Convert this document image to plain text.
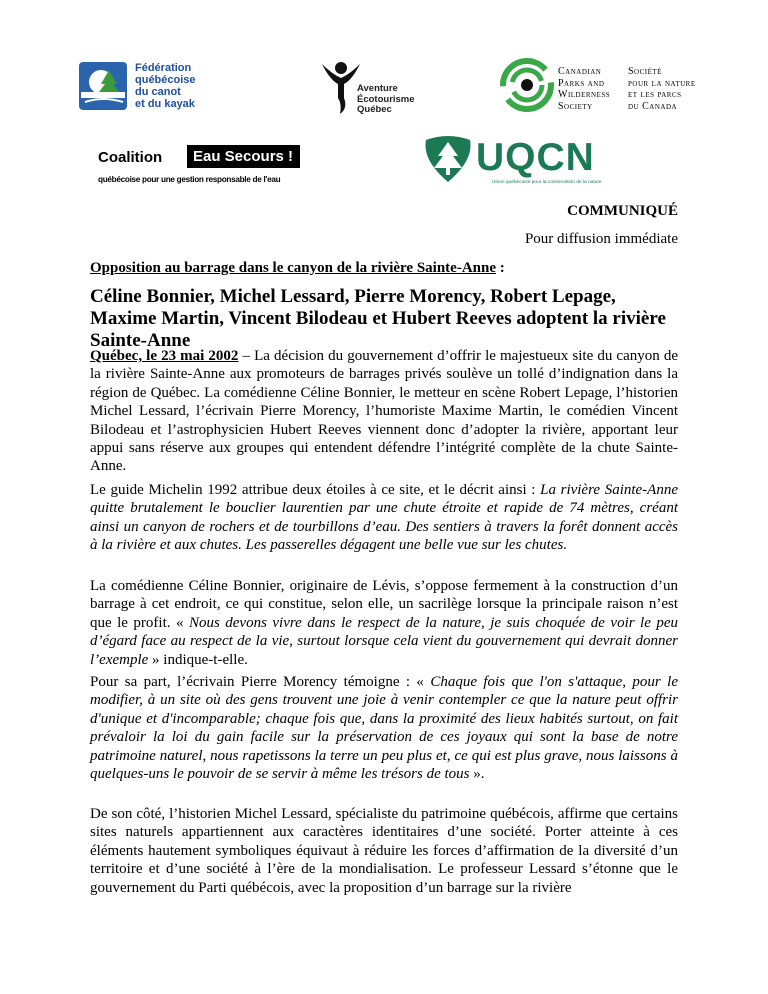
Fédération
québécoise
du canot
et du kayak
Aventure
Écotourisme
Québec
Canadian
Parks and
Wilderness
Society
Société
pour la nature
et les parcs
du Canada
Coalition	Eau Secours !
québécoise pour une gestion responsable de l'eau
UQCN
Union québécoise pour la conservation de la nature
COMMUNIQUÉ
Pour diffusion immédiate
Opposition au barrage dans le canyon de la rivière Sainte-Anne :
Céline Bonnier, Michel Lessard, Pierre Morency, Robert Lepage, Maxime Martin, Vincent Bilodeau et Hubert Reeves adoptent la rivière Sainte-Anne

Québec, le 23 mai 2002 – La décision du gouvernement d’offrir le majestueux site du canyon de la rivière Sainte-Anne aux promoteurs de barrages privés soulève un tollé d’indignation dans la région de Québec. La comédienne Céline Bonnier, le metteur en scène Robert Lepage, l’historien Michel Lessard, l’écrivain Pierre Morency, l’humoriste Maxime Martin, le comédien Vincent Bilodeau et l’astrophysicien Hubert Reeves viennent donc d’adopter la rivière, apportant leur appui sans réserve aux groupes qui entendent défendre l’intégrité complète de la chute Sainte-Anne.

Le guide Michelin 1992 attribue deux étoiles à ce site, et le décrit ainsi : La rivière Sainte-Anne quitte brutalement le bouclier laurentien par une chute étroite et rapide de 74 mètres, créant ainsi un canyon de rochers et de tourbillons d’eau. Des sentiers à travers la forêt donnent accès à la rivière et aux chutes. Les passerelles dégagent une belle vue sur les chutes.

La comédienne Céline Bonnier, originaire de Lévis, s’oppose fermement à la construction d’un barrage à cet endroit, ce qui constitue, selon elle, un sacrilège lorsque la principale raison n’est que le profit. « Nous devons vivre dans le respect de la nature, je suis choquée de voir le peu d’égard face au respect de la vie, surtout lorsque cela vient du gouvernement qui devrait donner l’exemple » indique-t-elle.

Pour sa part, l’écrivain Pierre Morency témoigne : « Chaque fois que l'on s'attaque, pour le modifier, à un site où des gens trouvent une joie à venir contempler ce que la nature peut offrir d'unique et d'incomparable; chaque fois que, dans la proximité des lieux habités surtout, on fait prévaloir la loi du gain facile sur la préservation de ces joyaux qui sont la base de notre patrimoine naturel, nous rapetissons la terre un peu plus et, ce qui est plus grave, nous laissons à quelques-uns le pouvoir de se servir à même les trésors de tous ».

De son côté, l’historien Michel Lessard, spécialiste du patrimoine québécois, affirme que certains sites naturels appartiennent aux caractères identitaires d’une société. Porter atteinte à ces éléments hautement symboliques équivaut à réduire les forces d’affirmation de la diversité d’un territoire et d’une société à l’ère de la mondialisation. Le professeur Lessard s’étonne que le gouvernement du Parti québécois, avec la proposition d’un barrage sur la rivière
